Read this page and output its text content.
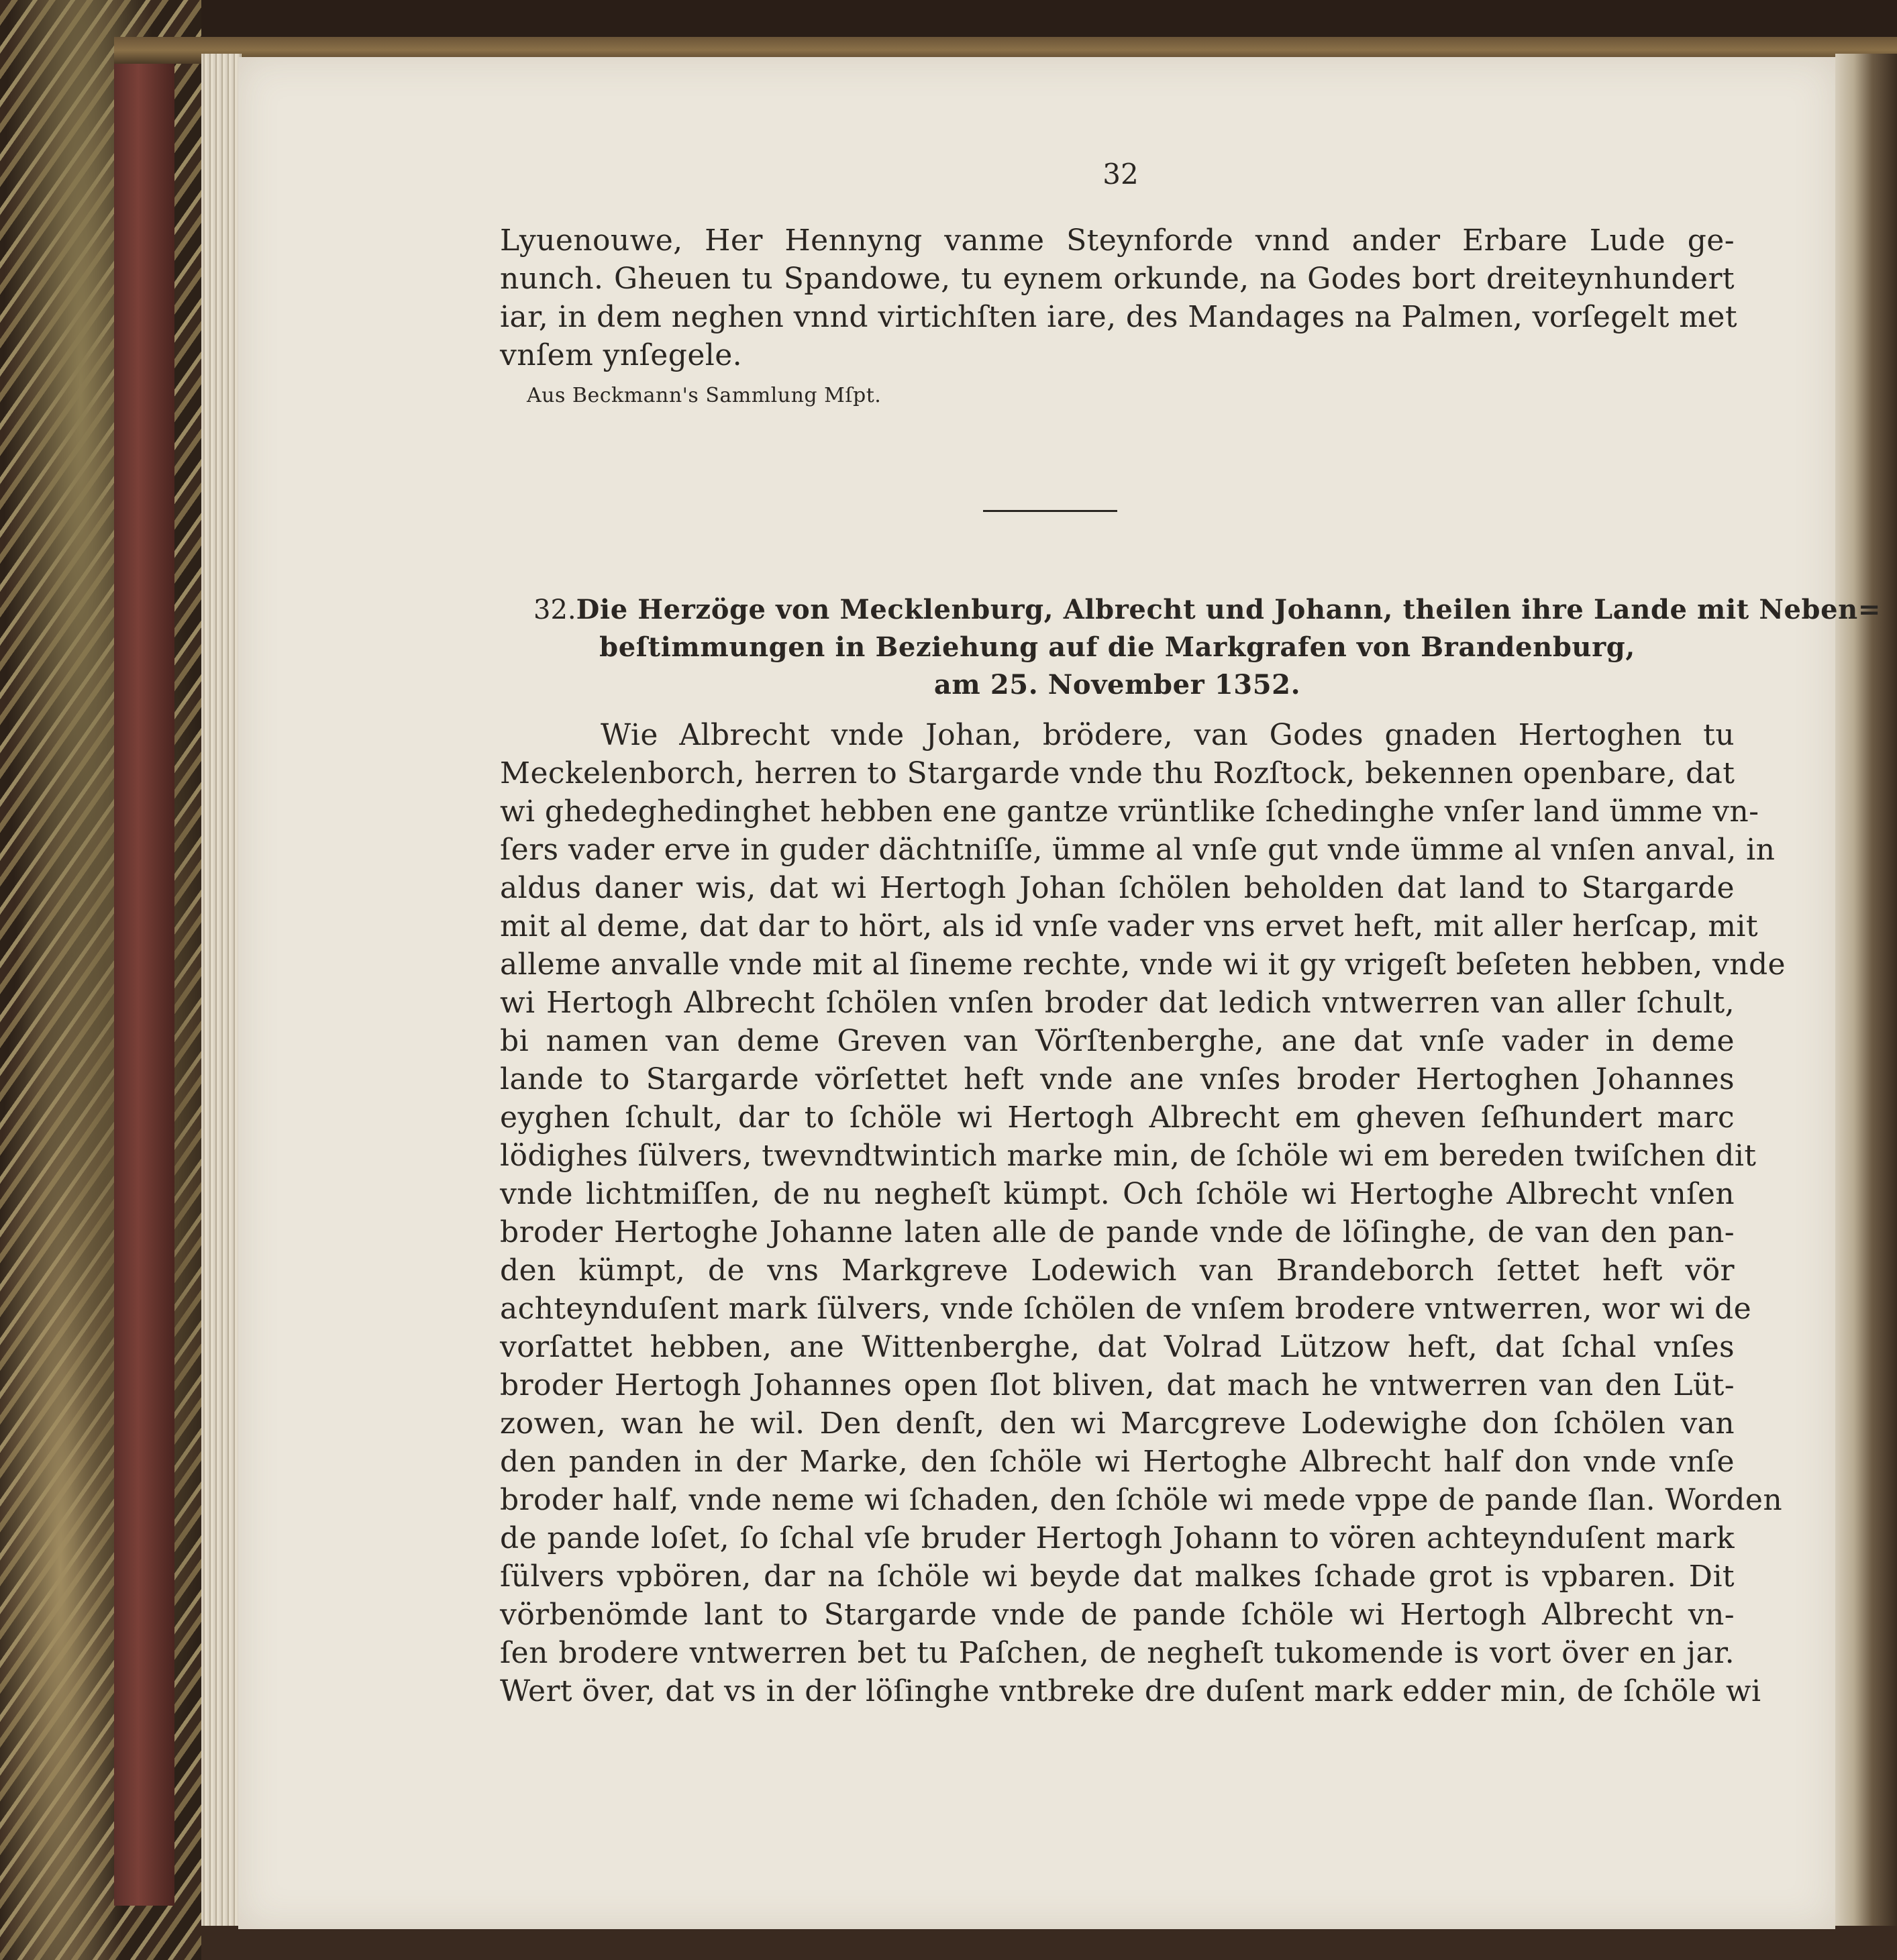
32
Lyuenouwe, Her Hennyng vanme Steynforde vnnd ander Erbare Lude ge-
nunch. Gheuen tu Spandowe, tu eynem orkunde, na Godes bort dreiteynhundert
iar, in dem neghen vnnd virtichſten iare, des Mandages na Palmen, vorſegelt met
vnſem ynſegele.
Aus Beckmann's Sammlung Mſpt.
32. Die Herzöge von Mecklenburg, Albrecht und Johann, theilen ihre Lande mit Neben=
beſtimmungen in Beziehung auf die Markgrafen von Brandenburg,
am 25. November 1352.
Wie Albrecht vnde Johan, brödere, van Godes gnaden Hertoghen tu
Meckelenborch, herren to Stargarde vnde thu Rozſtock, bekennen openbare, dat
wi ghedeghedinghet hebben ene gantze vrüntlike ſchedinghe vnſer land ümme vn-
ſers vader erve in guder dächtniſſe, ümme al vnſe gut vnde ümme al vnſen anval, in
aldus daner wis, dat wi Hertogh Johan ſchölen beholden dat land to Stargarde
mit al deme, dat dar to hört, als id vnſe vader vns ervet heft, mit aller herſcap, mit
alleme anvalle vnde mit al ſineme rechte, vnde wi it gy vrigeſt beſeten hebben, vnde
wi Hertogh Albrecht ſchölen vnſen broder dat ledich vntwerren van aller ſchult,
bi namen van deme Greven van Vörſtenberghe, ane dat vnſe vader in deme
lande to Stargarde vörſettet heft vnde ane vnſes broder Hertoghen Johannes
eyghen ſchult, dar to ſchöle wi Hertogh Albrecht em gheven ſeſhundert marc
lödighes ſülvers, twevndtwintich marke min, de ſchöle wi em bereden twiſchen dit
vnde lichtmiſſen, de nu negheſt kümpt. Och ſchöle wi Hertoghe Albrecht vnſen
broder Hertoghe Johanne laten alle de pande vnde de löſinghe, de van den pan-
den kümpt, de vns Markgreve Lodewich van Brandeborch ſettet heft vör
achteynduſent mark ſülvers, vnde ſchölen de vnſem brodere vntwerren, wor wi de
vorſattet hebben, ane Wittenberghe, dat Volrad Lützow heft, dat ſchal vnſes
broder Hertogh Johannes open ſlot bliven, dat mach he vntwerren van den Lüt-
zowen, wan he wil. Den denſt, den wi Marcgreve Lodewighe don ſchölen van
den panden in der Marke, den ſchöle wi Hertoghe Albrecht half don vnde vnſe
broder half, vnde neme wi ſchaden, den ſchöle wi mede vppe de pande ſlan. Worden
de pande loſet, ſo ſchal vſe bruder Hertogh Johann to vören achteynduſent mark
ſülvers vpbören, dar na ſchöle wi beyde dat malkes ſchade grot is vpbaren. Dit
vörbenömde lant to Stargarde vnde de pande ſchöle wi Hertogh Albrecht vn-
ſen brodere vntwerren bet tu Paſchen, de negheſt tukomende is vort över en jar.
Wert över, dat vs in der löſinghe vntbreke dre duſent mark edder min, de ſchöle wi
